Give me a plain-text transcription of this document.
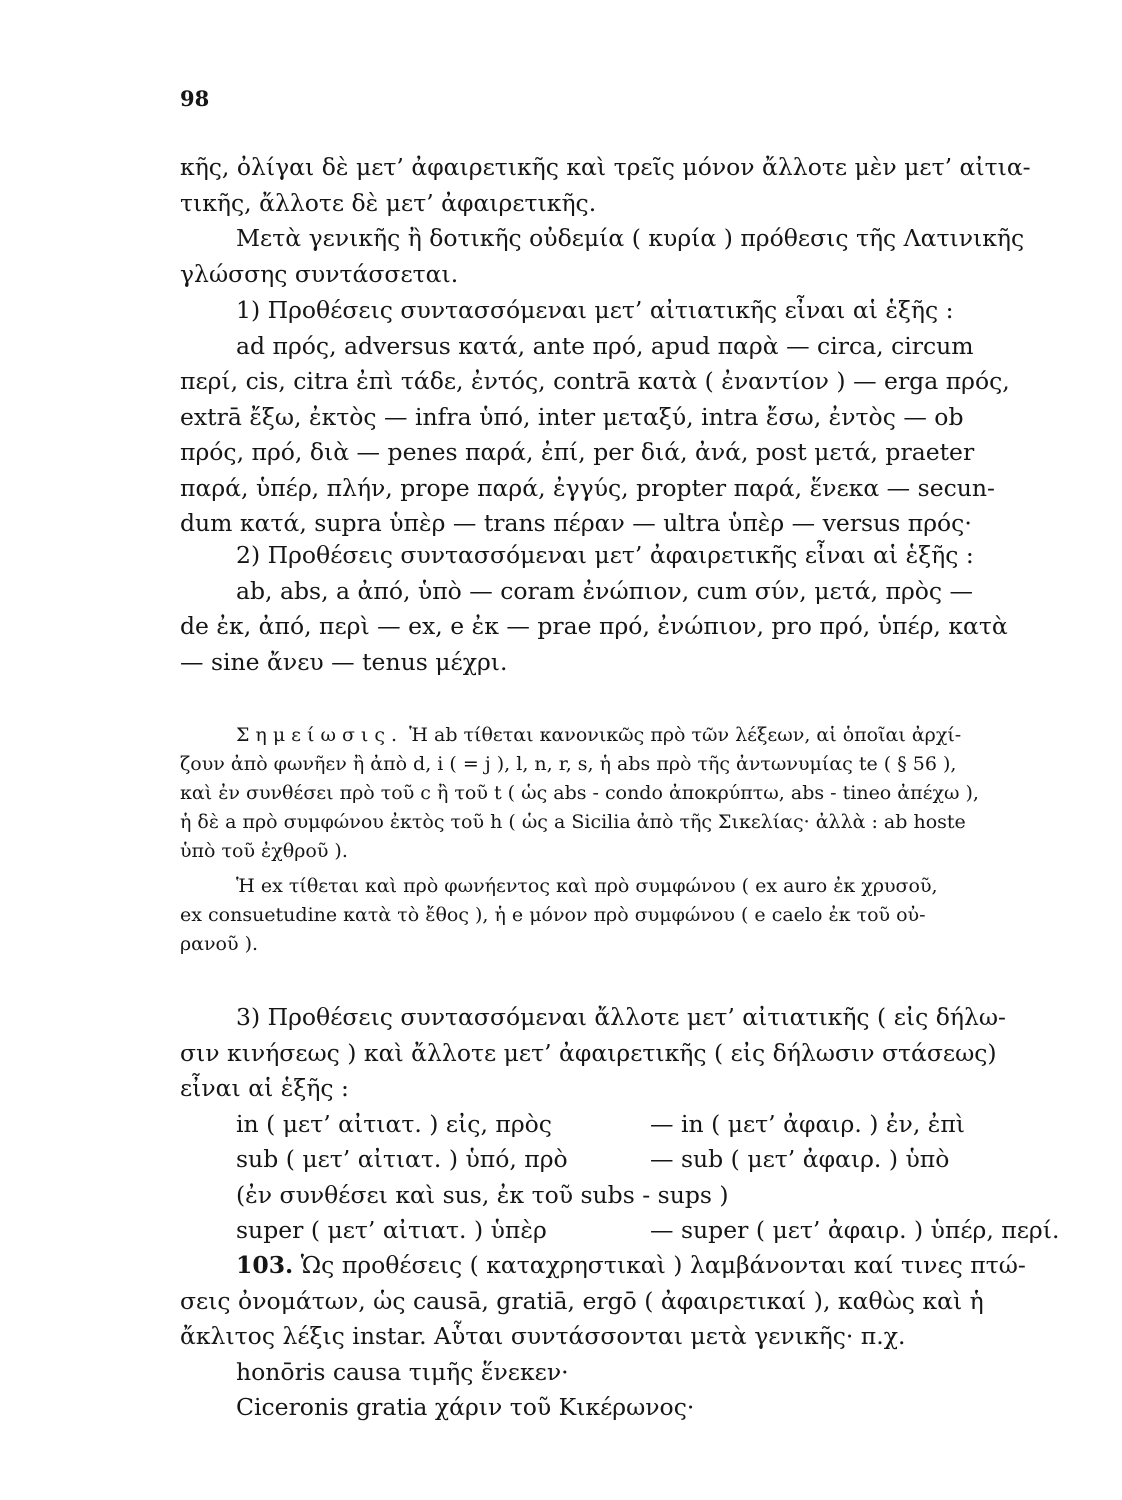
98

κῆς, ὀλίγαι δὲ μετ’ ἀφαιρετικῆς καὶ τρεῖς μόνον ἄλλοτε μὲν μετ’ αἰτια-

τικῆς, ἄλλοτε δὲ μετ’ ἀφαιρετικῆς.

Μετὰ γενικῆς ἢ δοτικῆς οὐδεμία ( κυρία ) πρόθεσις τῆς Λατινικῆς

γλώσσης συντάσσεται.

1) Προθέσεις συντασσόμεναι μετ’ αἰτιατικῆς εἶναι αἱ ἑξῆς :

ad πρός, adversus κατά, ante πρό, apud παρὰ — circa, circum

περί, cis, citra ἐπὶ τάδε, ἐντός, contrā κατὰ ( ἐναντίον ) — erga πρός,

extrā ἔξω, ἐκτὸς — infra ὑπό, inter μεταξύ, intra ἔσω, ἐντὸς — ob

πρός, πρό, διὰ — penes παρά, ἐπί, per διά, ἀνά, post μετά, praeter

παρά, ὑπέρ, πλήν, prope παρά, ἐγγύς, propter παρά, ἕνεκα — secun-

dum κατά, supra ὑπὲρ — trans πέραν — ultra ὑπὲρ — versus πρός·

2) Προθέσεις συντασσόμεναι μετ’ ἀφαιρετικῆς εἶναι αἱ ἑξῆς :

ab, abs, a ἀπό, ὑπὸ — coram ἐνώπιον, cum σύν, μετά, πρὸς —

de ἐκ, ἀπό, περὶ — ex, e ἐκ — prae πρό, ἐνώπιον, pro πρό, ὑπέρ, κατὰ

— sine ἄνευ — tenus μέχρι.

Σημείωσις. Ἡ ab τίθεται κανονικῶς πρὸ τῶν λέξεων, αἱ ὁποῖαι ἀρχί-

ζουν ἀπὸ φωνῆεν ἢ ἀπὸ d, i ( = j ), l, n, r, s, ἡ abs πρὸ τῆς ἀντωνυμίας te ( § 56 ),

καὶ ἐν συνθέσει πρὸ τοῦ c ἢ τοῦ t ( ὡς abs - condo ἀποκρύπτω, abs - tineo ἀπέχω ),

ἡ δὲ a πρὸ συμφώνου ἐκτὸς τοῦ h ( ὡς a Sicilia ἀπὸ τῆς Σικελίας· ἀλλὰ : ab hoste

ὑπὸ τοῦ ἐχθροῦ ).

Ἡ ex τίθεται καὶ πρὸ φωνήεντος καὶ πρὸ συμφώνου ( ex auro ἐκ χρυσοῦ,

ex consuetudine κατὰ τὸ ἔθος ), ἡ e μόνον πρὸ συμφώνου ( e caelo ἐκ τοῦ οὐ-

ρανοῦ ).

3) Προθέσεις συντασσόμεναι ἄλλοτε μετ’ αἰτιατικῆς ( εἰς δήλω-

σιν κινήσεως ) καὶ ἄλλοτε μετ’ ἀφαιρετικῆς ( εἰς δήλωσιν στάσεως)

εἶναι αἱ ἑξῆς :

in ( μετ’ αἰτιατ. ) εἰς, πρὸς	— in ( μετ’ ἀφαιρ. ) ἐν, ἐπὶ
sub ( μετ’ αἰτιατ. ) ὑπό, πρὸ	— sub ( μετ’ ἀφαιρ. ) ὑπὸ

(ἐν συνθέσει καὶ sus, ἐκ τοῦ subs - sups )

super ( μετ’ αἰτιατ. ) ὑπὲρ	— super ( μετ’ ἀφαιρ. ) ὑπέρ, περί.

103. Ὡς προθέσεις ( καταχρηστικαὶ ) λαμβάνονται καί τινες πτώ-

σεις ὀνομάτων, ὡς causā, gratiā, ergō ( ἀφαιρετικαί ), καθὼς καὶ ἡ

ἄκλιτος λέξις instar. Αὗται συντάσσονται μετὰ γενικῆς· π.χ.

honōris causa τιμῆς ἕνεκεν·

Ciceronis gratia χάριν τοῦ Κικέρωνος·
